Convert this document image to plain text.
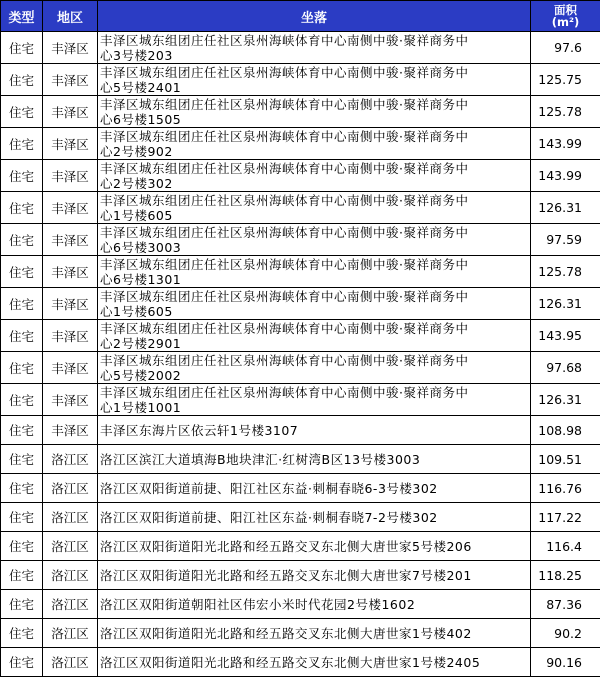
类型	地区	坐落	面积
(m²)
住宅	丰泽区	丰泽区城东组团庄任社区泉州海峡体育中心南侧中骏·聚祥商务中
心3号楼203	97.6
住宅	丰泽区	丰泽区城东组团庄任社区泉州海峡体育中心南侧中骏·聚祥商务中
心5号楼2401	125.75
住宅	丰泽区	丰泽区城东组团庄任社区泉州海峡体育中心南侧中骏·聚祥商务中
心6号楼1505	125.78
住宅	丰泽区	丰泽区城东组团庄任社区泉州海峡体育中心南侧中骏·聚祥商务中
心2号楼902	143.99
住宅	丰泽区	丰泽区城东组团庄任社区泉州海峡体育中心南侧中骏·聚祥商务中
心2号楼302	143.99
住宅	丰泽区	丰泽区城东组团庄任社区泉州海峡体育中心南侧中骏·聚祥商务中
心1号楼605	126.31
住宅	丰泽区	丰泽区城东组团庄任社区泉州海峡体育中心南侧中骏·聚祥商务中
心6号楼3003	97.59
住宅	丰泽区	丰泽区城东组团庄任社区泉州海峡体育中心南侧中骏·聚祥商务中
心6号楼1301	125.78
住宅	丰泽区	丰泽区城东组团庄任社区泉州海峡体育中心南侧中骏·聚祥商务中
心1号楼605	126.31
住宅	丰泽区	丰泽区城东组团庄任社区泉州海峡体育中心南侧中骏·聚祥商务中
心2号楼2901	143.95
住宅	丰泽区	丰泽区城东组团庄任社区泉州海峡体育中心南侧中骏·聚祥商务中
心5号楼2002	97.68
住宅	丰泽区	丰泽区城东组团庄任社区泉州海峡体育中心南侧中骏·聚祥商务中
心1号楼1001	126.31
住宅	丰泽区	丰泽区东海片区依云轩1号楼3107	108.98
住宅	洛江区	洛江区滨江大道填海B地块津汇·红树湾B区13号楼3003	109.51
住宅	洛江区	洛江区双阳街道前捷、阳江社区东益·刺桐春晓6-3号楼302	116.76
住宅	洛江区	洛江区双阳街道前捷、阳江社区东益·刺桐春晓7-2号楼302	117.22
住宅	洛江区	洛江区双阳街道阳光北路和经五路交叉东北侧大唐世家5号楼206	116.4
住宅	洛江区	洛江区双阳街道阳光北路和经五路交叉东北侧大唐世家7号楼201	118.25
住宅	洛江区	洛江区双阳街道朝阳社区伟宏小米时代花园2号楼1602	87.36
住宅	洛江区	洛江区双阳街道阳光北路和经五路交叉东北侧大唐世家1号楼402	90.2
住宅	洛江区	洛江区双阳街道阳光北路和经五路交叉东北侧大唐世家1号楼2405	90.16
